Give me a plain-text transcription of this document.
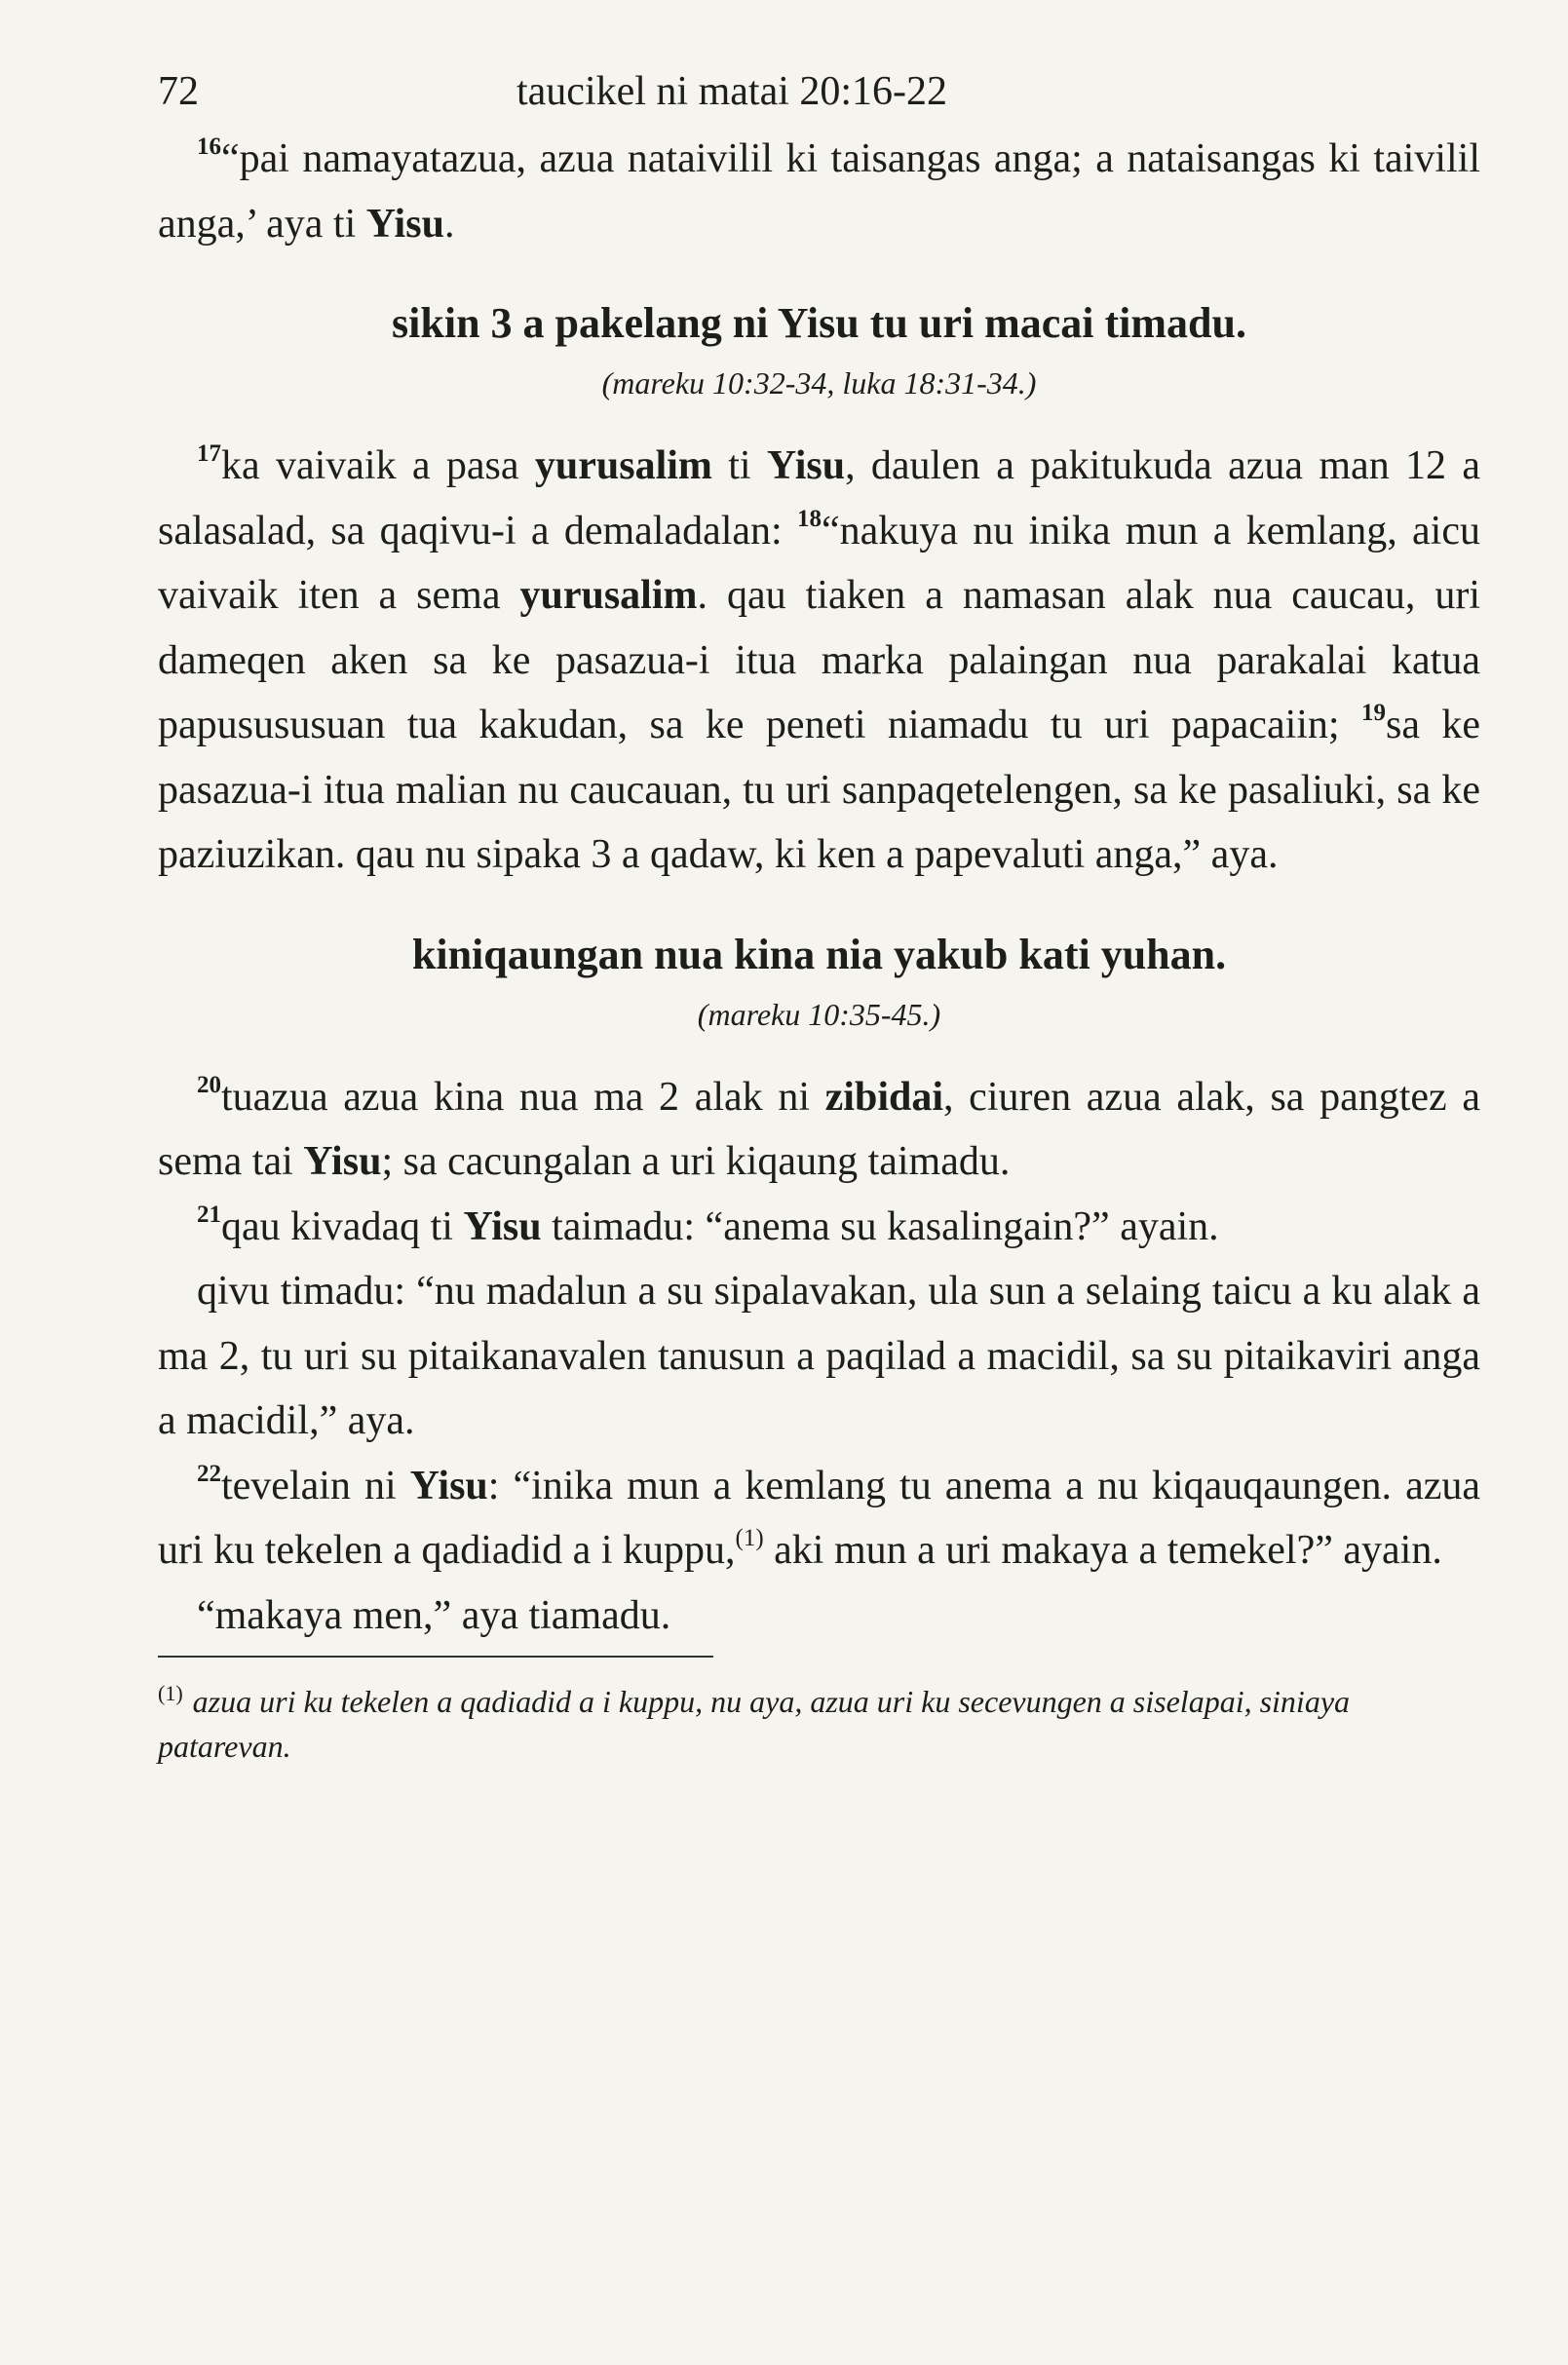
72	taucikel ni matai 20:16-22

$^{16}$“pai namayatazua, azua nataivilil ki taisangas anga; a nataisangas ki taivilil anga,’ aya ti Yisu.

sikin 3 a pakelang ni Yisu tu uri macai timadu.

(mareku 10:32-34, luka 18:31-34.)

$^{17}$ka vaivaik a pasa yurusalim ti Yisu, daulen a pakitukuda azua man 12 a salasalad, sa qaqivu-i a demaladalan: $^{18}$“nakuya nu inika mun a kemlang, aicu vaivaik iten a sema yurusalim. qau tiaken a namasan alak nua caucau, uri dameqen aken sa ke pasazua-i itua marka palaingan nua parakalai katua papusususuan tua kakudan, sa ke peneti niamadu tu uri papacaiin; $^{19}$sa ke pasazua-i itua malian nu caucauan, tu uri sanpaqetelengen, sa ke pasaliuki, sa ke paziuzikan. qau nu sipaka 3 a qadaw, ki ken a papevaluti anga,” aya.

kiniqaungan nua kina nia yakub kati yuhan.

(mareku 10:35-45.)

$^{20}$tuazua azua kina nua ma 2 alak ni zibidai, ciuren azua alak, sa pangtez a sema tai Yisu; sa cacungalan a uri kiqaung taimadu.

$^{21}$qau kivadaq ti Yisu taimadu: “anema su kasalingain?” ayain.

qivu timadu: “nu madalun a su sipalavakan, ula sun a selaing taicu a ku alak a ma 2, tu uri su pitaikanavalen tanusun a paqilad a macidil, sa su pitaikaviri anga a macidil,” aya.

$^{22}$tevelain ni Yisu: “inika mun a kemlang tu anema a nu kiqauqaungen. azua uri ku tekelen a qadiadid a i kuppu,$^{(1)}$ aki mun a uri makaya a temekel?” ayain.

“makaya men,” aya tiamadu.

$^{(1)}$ azua uri ku tekelen a qadiadid a i kuppu, nu aya, azua uri ku secevungen a siselapai, siniaya patarevan.
